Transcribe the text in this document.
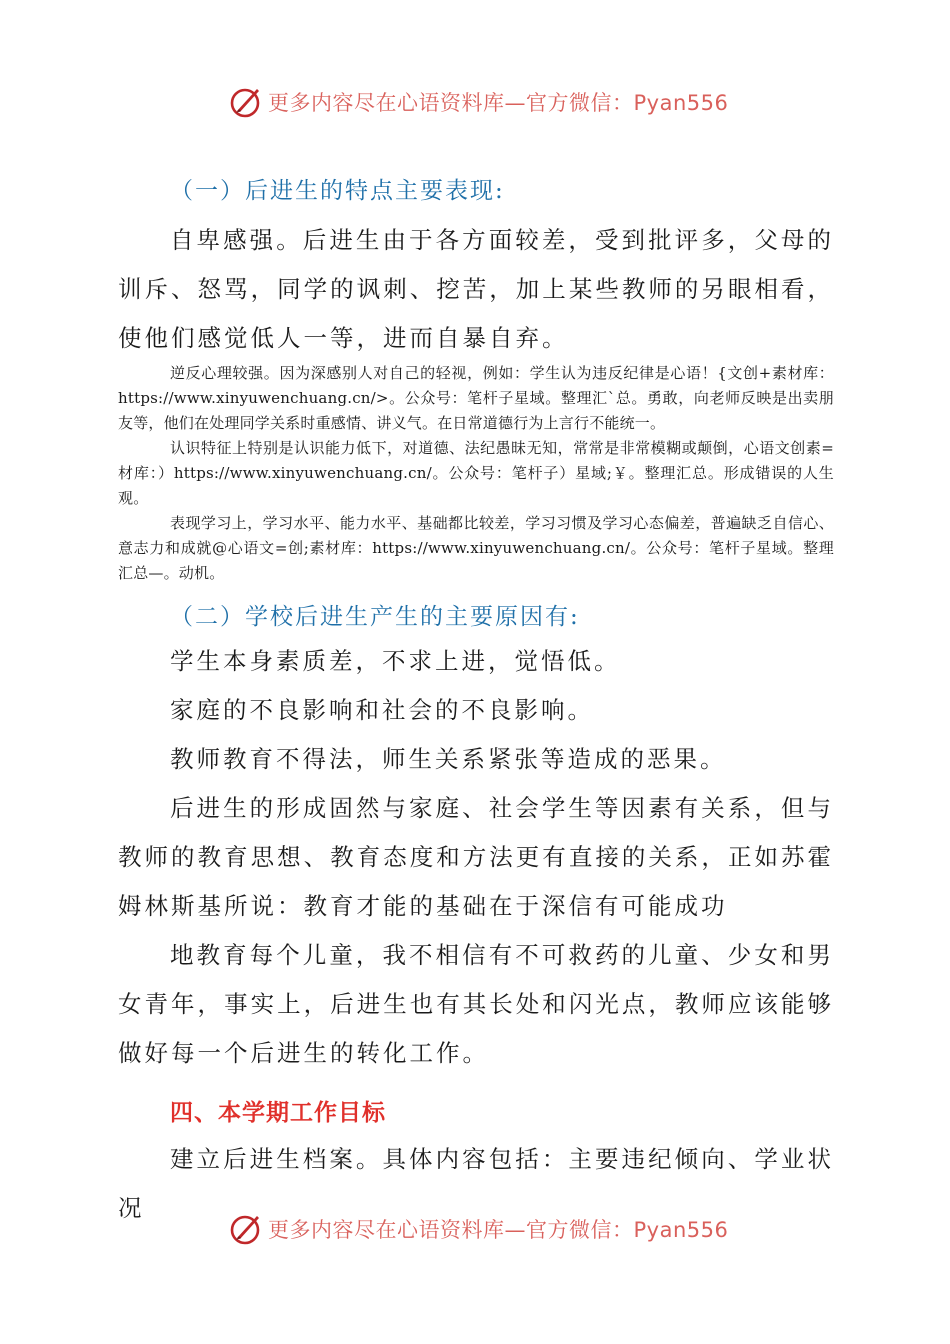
更多内容尽在心语资料库—官方微信：Pyan556
（一）后进生的特点主要表现:

自卑感强。后进生由于各方面较差，受到批评多，父母的训斥、怒骂，同学的讽刺、挖苦，加上某些教师的另眼相看，使他们感觉低人一等，进而自暴自弃。

逆反心理较强。因为深感别人对自己的轻视，例如：学生认为违反纪律是心语！{文创+素材库：https://www.xinyuwenchuang.cn/>。公众号：笔杆子星域。整理汇`总。勇敢，向老师反映是出卖朋友等，他们在处理同学关系时重感情、讲义气。在日常道德行为上言行不能统一。

认识特征上特别是认识能力低下，对道德、法纪愚昧无知，常常是非常模糊或颠倒，心语文创素=材库：）https://www.xinyuwenchuang.cn/。公众号：笔杆子）星域;￥。整理汇总。形成错误的人生观。

表现学习上，学习水平、能力水平、基础都比较差，学习习惯及学习心态偏差，普遍缺乏自信心、意志力和成就@心语文=创;素材库：https://www.xinyuwenchuang.cn/。公众号：笔杆子星域。整理汇总—。动机。

（二）学校后进生产生的主要原因有:

学生本身素质差，不求上进，觉悟低。

家庭的不良影响和社会的不良影响。

教师教育不得法，师生关系紧张等造成的恶果。

后进生的形成固然与家庭、社会学生等因素有关系，但与教师的教育思想、教育态度和方法更有直接的关系，正如苏霍姆林斯基所说：教育才能的基础在于深信有可能成功

地教育每个儿童，我不相信有不可救药的儿童、少女和男女青年，事实上，后进生也有其长处和闪光点，教师应该能够做好每一个后进生的转化工作。

四、本学期工作目标

建立后进生档案。具体内容包括：主要违纪倾向、学业状况

更多内容尽在心语资料库—官方微信：Pyan556
